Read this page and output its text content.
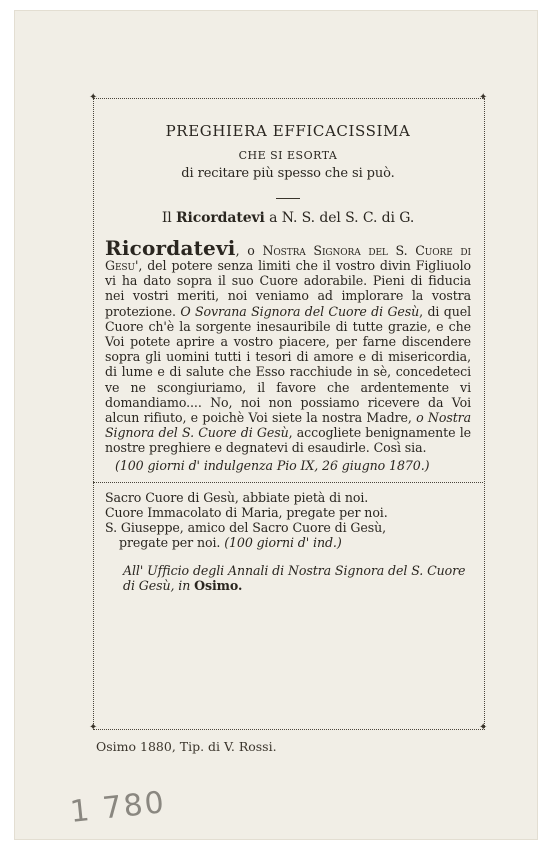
✦	✦
✦	✦
PREGHIERA EFFICACISSIMA
CHE SI ESORTA
di recitare più spesso che si può.
Il Ricordatevi a N. S. del S. C. di G.
Ricordatevi, o Nostra Signora del S. Cuore di Gesu', del potere senza limiti che il vostro divin Figliuolo vi ha dato sopra il suo Cuore adorabile. Pieni di fiducia nei vostri meriti, noi veniamo ad implorare la vostra protezione. O Sovrana Signora del Cuore di Gesù, di quel Cuore ch'è la sorgente inesauribile di tutte grazie, e che Voi potete aprire a vostro piacere, per farne discendere sopra gli uomini tutti i tesori di amore e di misericordia, di lume e di salute che Esso racchiude in sè, concedeteci ve ne scongiuriamo, il favore che ardentemente vi domandiamo.... No, noi non possiamo ricevere da Voi alcun rifiuto, e poichè Voi siete la nostra Madre, o Nostra Signora del S. Cuore di Gesù, accogliete benignamente le nostre preghiere e degnatevi di esaudirle. Così sia.
(100 giorni d' indulgenza Pio IX, 26 giugno 1870.)

Sacro Cuore di Gesù, abbiate pietà di noi.

Cuore Immacolato di Maria, pregate per noi.

S. Giuseppe, amico del Sacro Cuore di Gesù,

pregate per noi. (100 giorni d' ind.)

All' Ufficio degli Annali di Nostra Signora del S. Cuore di Gesù, in Osimo.
Osimo 1880, Tip. di V. Rossi.
1 780
